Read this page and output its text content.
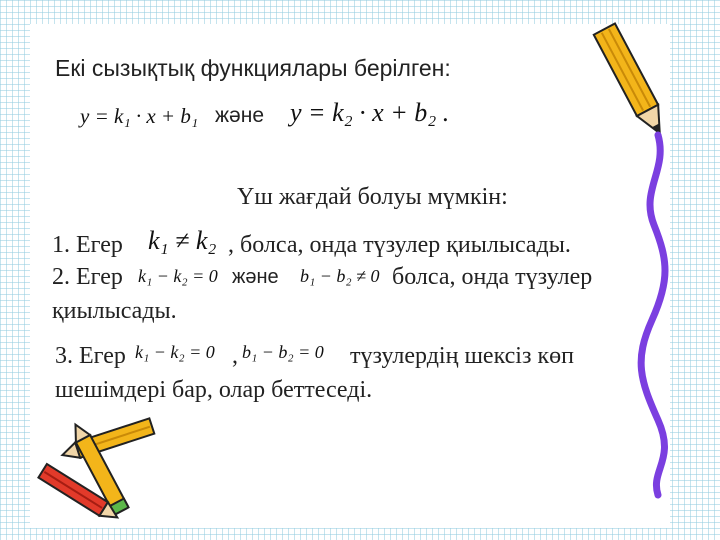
Екі сызықтық функциялары берілген:
y = k₁ · x + b₁ және y = k₂ · x + b₂ .
Үш жағдай болуы мүмкін:
1. Егер k₁ ≠ k₂ , болса, онда түзулер қиылысады.
2. Егер k₁ − k₂ = 0 және b₁ − b₂ ≠ 0 болса, онда түзулер
қиылысады.
3. Егер k₁ − k₂ = 0 , b₁ − b₂ = 0 түзулердің шексіз көп
шешімдері бар, олар беттеседі.
